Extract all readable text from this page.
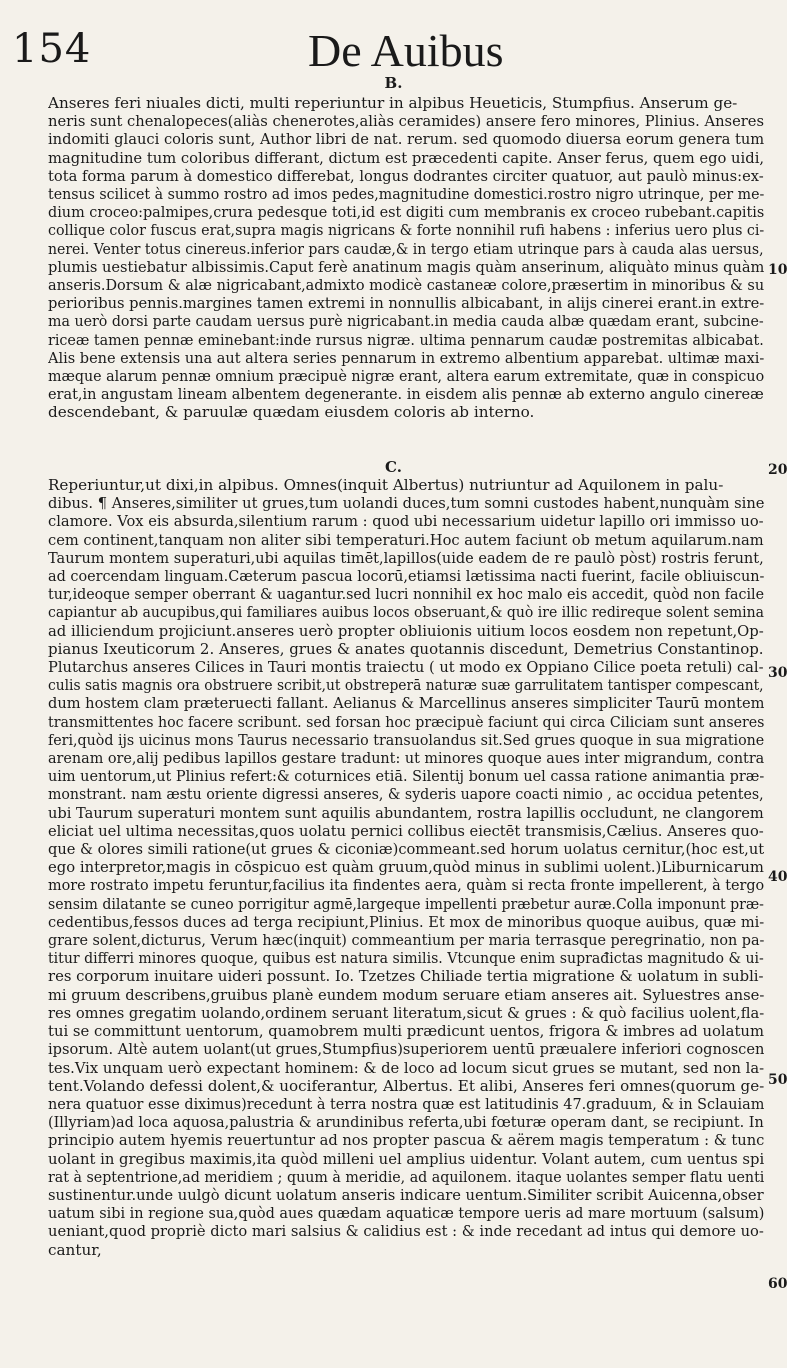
154	De Auibus
B.
Anseres feri niuales dicti, multi reperiuntur in alpibus Heueticis, Stumpfius. Anserum ge-
neris sunt chenalopeces(aliàs chenerotes,aliàs ceramides) ansere fero minores, Plinius. Anseres
indomiti glauci coloris sunt, Author libri de nat. rerum. sed quomodo diuersa eorum genera tum
magnitudine tum coloribus differant, dictum est præcedenti capite. Anser ferus, quem ego uidi,
tota forma parum à domestico differebat, longus dodrantes circiter quatuor, aut paulò minus:ex-
tensus scilicet à summo rostro ad imos pedes,magnitudine domestici.rostro nigro utrinque, per me-
dium croceo:palmipes,crura pedesque toti,id est digiti cum membranis ex croceo rubebant.capitis
collique color fuscus erat,supra magis nigricans & forte nonnihil rufi habens : inferius uero plus ci-
nerei. Venter totus cinereus.inferior pars caudæ,& in tergo etiam utrinque pars à cauda alas uersus,
plumis uestiebatur albissimis.Caput ferè anatinum magis quàm anserinum, aliquàto minus quàm
anseris.Dorsum & alæ nigricabant,admixto modicè castaneæ colore,præsertim in minoribus & su
perioribus pennis.margines tamen extremi in nonnullis albicabant, in alijs cinerei erant.in extre-
ma uerò dorsi parte caudam uersus purè nigricabant.in media cauda albæ quædam erant, subcine-
riceæ tamen pennæ eminebant:inde rursus nigræ. ultima pennarum caudæ postremitas albicabat.
Alis bene extensis una aut altera series pennarum in extremo albentium apparebat. ultimæ maxi-
mæque alarum pennæ omnium præcipuè nigræ erant, altera earum extremitate, quæ in conspicuo
erat,in angustam lineam albentem degenerante. in eisdem alis pennæ ab externo angulo cinereæ
descendebant, & paruulæ quædam eiusdem coloris ab interno.
C.
Reperiuntur,ut dixi,in alpibus. Omnes(inquit Albertus) nutriuntur ad Aquilonem in palu-
dibus. ¶ Anseres,similiter ut grues,tum uolandi duces,tum somni custodes habent,nunquàm sine
clamore. Vox eis absurda,silentium rarum : quod ubi necessarium uidetur lapillo ori immisso uo-
cem continent,tanquam non aliter sibi temperaturi.Hoc autem faciunt ob metum aquilarum.nam
Taurum montem superaturi,ubi aquilas timēt,lapillos(uide eadem de re paulò pòst) rostris ferunt,
ad coercendam linguam.Cæterum pascua locorū,etiamsi lætissima nacti fuerint, facile obliuiscun-
tur,ideoque semper oberrant & uagantur.sed lucri nonnihil ex hoc malo eis accedit, quòd non facile
capiantur ab aucupibus,qui familiares auibus locos obseruant,& quò ire illic redireque solent semina
ad illiciendum projiciunt.anseres uerò propter obliuionis uitium locos eosdem non repetunt,Op-
pianus Ixeuticorum 2. Anseres, grues & anates quotannis discedunt, Demetrius Constantinop.
Plutarchus anseres Cilices in Tauri montis traiectu ( ut modo ex Oppiano Cilice poeta retuli) cal-
culis satis magnis ora obstruere scribit,ut obstreperā naturæ suæ garrulitatem tantisper compescant,
dum hostem clam præteruecti fallant. Aelianus & Marcellinus anseres simpliciter Taurū montem
transmittentes hoc facere scribunt. sed forsan hoc præcipuè faciunt qui circa Ciliciam sunt anseres
feri,quòd ijs uicinus mons Taurus necessario transuolandus sit.Sed grues quoque in sua migratione
arenam ore,alij pedibus lapillos gestare tradunt: ut minores quoque aues inter migrandum, contra
uim uentorum,ut Plinius refert:& coturnices etiā. Silentij bonum uel cassa ratione animantia præ-
monstrant. nam æstu oriente digressi anseres, & syderis uapore coacti nimio , ac occidua petentes,
ubi Taurum superaturi montem sunt aquilis abundantem, rostra lapillis occludunt, ne clangorem
eliciat uel ultima necessitas,quos uolatu pernici collibus eiectēt transmisis,Cælius. Anseres quo-
que & olores simili ratione(ut grues & ciconiæ)commeant.sed horum uolatus cernitur,(hoc est,ut
ego interpretor,magis in cōspicuo est quàm gruum,quòd minus in sublimi uolent.)Liburnicarum
more rostrato impetu feruntur,facilius ita findentes aera, quàm si recta fronte impellerent, à tergo
sensim dilatante se cuneo porrigitur agmē,largeque impellenti præbetur auræ.Colla imponunt præ-
cedentibus,fessos duces ad terga recipiunt,Plinius. Et mox de minoribus quoque auibus, quæ mi-
grare solent,dicturus, Verum hæc(inquit) commeantium per maria terrasque peregrinatio, non pa-
titur differri minores quoque, quibus est natura similis. Vtcunque enim suprađictas magnitudo & ui-
res corporum inuitare uideri possunt. Io. Tzetzes Chiliade tertia migratione & uolatum in subli-
mi gruum describens,gruibus planè eundem modum seruare etiam anseres ait. Syluestres anse-
res omnes gregatim uolando,ordinem seruant literatum,sicut & grues : & quò facilius uolent,fla-
tui se committunt uentorum, quamobrem multi prædicunt uentos, frigora & imbres ad uolatum
ipsorum. Altè autem uolant(ut grues,Stumpfius)superiorem uentū præualere inferiori cognoscen
tes.Vix unquam uerò expectant hominem: & de loco ad locum sicut grues se mutant, sed non la-
tent.Volando defessi dolent,& uociferantur, Albertus. Et alibi, Anseres feri omnes(quorum ge-
nera quatuor esse diximus)recedunt à terra nostra quæ est latitudinis 47.graduum, & in Sclauiam
(Illyriam)ad loca aquosa,palustria & arundinibus referta,ubi fœturæ operam dant, se recipiunt. In
principio autem hyemis reuertuntur ad nos propter pascua & aërem magis temperatum : & tunc
uolant in gregibus maximis,ita quòd milleni uel amplius uidentur. Volant autem, cum uentus spi
rat à septentrione,ad meridiem ; quum à meridie, ad aquilonem. itaque uolantes semper flatu uenti
sustinentur.unde uulgò dicunt uolatum anseris indicare uentum.Similiter scribit Auicenna,obser
uatum sibi in regione sua,quòd aues quædam aquaticæ tempore ueris ad mare mortuum (salsum)
ueniant,quod propriè dicto mari salsius & calidius est : & inde recedant ad intus qui demore uo-
cantur,
10
20
30
40
50
60
